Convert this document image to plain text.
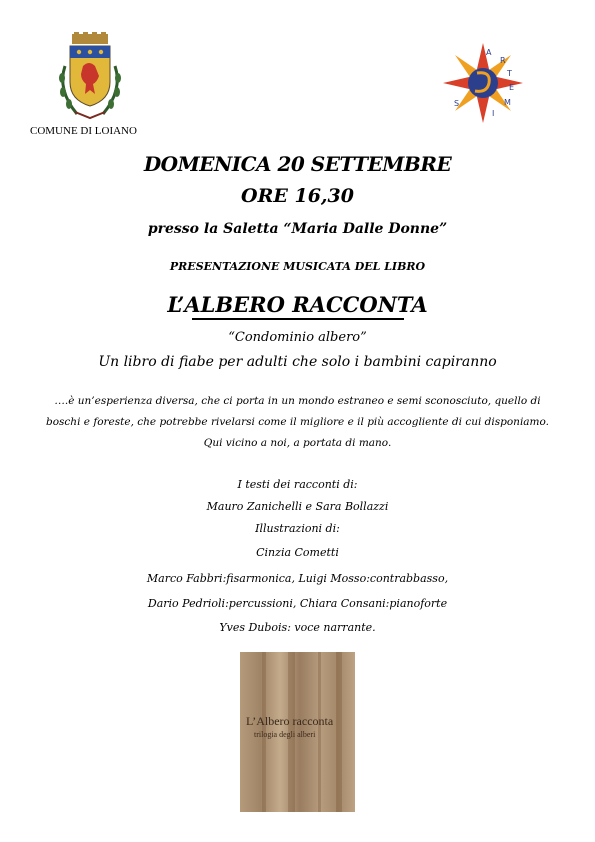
COMUNE DI LOIANO
A
R
T
E
M
I
S
DOMENICA 20 SETTEMBRE
ORE 16,30
presso la Saletta “Maria Dalle Donne”
PRESENTAZIONE MUSICATA DEL LIBRO
L’ALBERO RACCONTA
“Condominio albero”
Un libro di fiabe per adulti che solo i bambini capiranno
….è un’esperienza diversa, che ci porta in un mondo estraneo e semi sconosciuto, quello di boschi e foreste, che potrebbe rivelarsi come il migliore e il più accogliente di cui disponiamo. Qui vicino a noi, a portata di mano.
I testi dei racconti di:
Mauro Zanichelli e Sara Bollazzi
Illustrazioni di:
Cinzia Cometti
Marco Fabbri:fisarmonica, Luigi Mosso:contrabbasso,
Dario Pedrioli:percussioni, Chiara Consani:pianoforte
Yves Dubois: voce narrante.
L’Albero racconta
trilogia degli alberi
